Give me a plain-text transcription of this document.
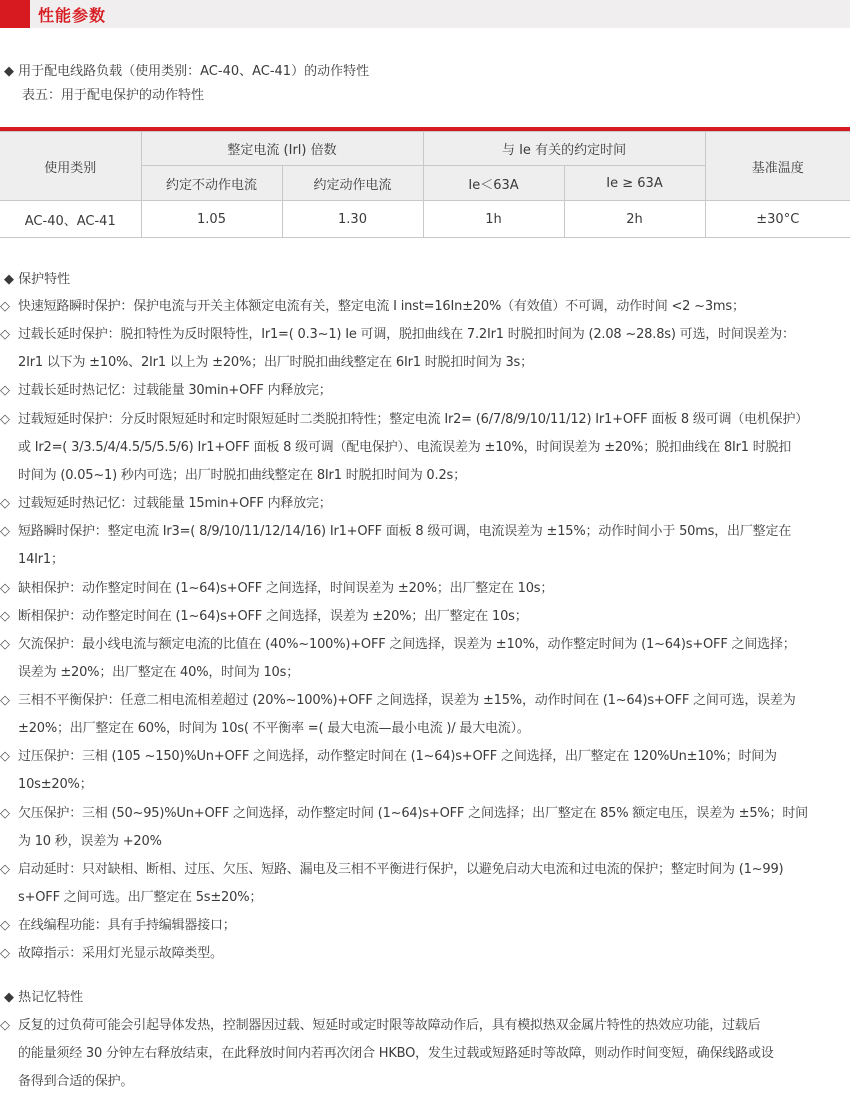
性能参数
◆ 用于配电线路负载（使用类别：AC-40、AC-41）的动作特性
表五：用于配电保护的动作特性
使用类别	整定电流 (Irl) 倍数		与 Ie 有关的约定时间		基准温度
	约定不动作电流	约定动作电流	Ie＜63A	Ie ≥ 63A	
AC-40、AC-41	1.05	1.30	1h	2h	±30°C
◆ 保护特性
◇ 快速短路瞬时保护：保护电流与开关主体额定电流有关，整定电流 I inst=16In±20%（有效值）不可调，动作时间 <2 ~3ms；
◇ 过载长延时保护：脱扣特性为反时限特性，Ir1=( 0.3~1) Ie 可调，脱扣曲线在 7.2Ir1 时脱扣时间为 (2.08 ~28.8s) 可选，时间误差为：
2Ir1 以下为 ±10%、2Ir1 以上为 ±20%；出厂时脱扣曲线整定在 6Ir1 时脱扣时间为 3s；
◇ 过载长延时热记忆：过载能量 30min+OFF 内释放完；
◇ 过载短延时保护：分反时限短延时和定时限短延时二类脱扣特性；整定电流 Ir2= (6/7/8/9/10/11/12) Ir1+OFF 面板 8 级可调（电机保护）
或 Ir2=( 3/3.5/4/4.5/5/5.5/6) Ir1+OFF 面板 8 级可调（配电保护）、电流误差为 ±10%，时间误差为 ±20%；脱扣曲线在 8Ir1 时脱扣
时间为 (0.05~1) 秒内可选；出厂时脱扣曲线整定在 8Ir1 时脱扣时间为 0.2s；
◇ 过载短延时热记忆：过载能量 15min+OFF 内释放完；
◇ 短路瞬时保护：整定电流 Ir3=( 8/9/10/11/12/14/16) Ir1+OFF 面板 8 级可调，电流误差为 ±15%；动作时间小于 50ms，出厂整定在
14Ir1；
◇ 缺相保护：动作整定时间在 (1~64)s+OFF 之间选择，时间误差为 ±20%；出厂整定在 10s；
◇ 断相保护：动作整定时间在 (1~64)s+OFF 之间选择，误差为 ±20%；出厂整定在 10s；
◇ 欠流保护：最小线电流与额定电流的比值在 (40%~100%)+OFF 之间选择，误差为 ±10%，动作整定时间为 (1~64)s+OFF 之间选择；
误差为 ±20%；出厂整定在 40%，时间为 10s；
◇ 三相不平衡保护：任意二相电流相差超过 (20%~100%)+OFF 之间选择，误差为 ±15%，动作时间在 (1~64)s+OFF 之间可选，误差为
±20%；出厂整定在 60%，时间为 10s( 不平衡率 =( 最大电流—最小电流 )/ 最大电流）。
◇ 过压保护：三相 (105 ~150)%Un+OFF 之间选择，动作整定时间在 (1~64)s+OFF 之间选择，出厂整定在 120%Un±10%；时间为
10s±20%；
◇ 欠压保护：三相 (50~95)%Un+OFF 之间选择，动作整定时间 (1~64)s+OFF 之间选择；出厂整定在 85% 额定电压，误差为 ±5%；时间
为 10 秒，误差为 +20%
◇ 启动延时：只对缺相、断相、过压、欠压、短路、漏电及三相不平衡进行保护，以避免启动大电流和过电流的保护；整定时间为 (1~99)
s+OFF 之间可选。出厂整定在 5s±20%；
◇ 在线编程功能：具有手持编辑器接口；
◇ 故障指示：采用灯光显示故障类型。
◆ 热记忆特性
◇ 反复的过负荷可能会引起导体发热，控制器因过载、短延时或定时限等故障动作后，具有模拟热双金属片特性的热效应功能，过载后
的能量须经 30 分钟左右释放结束，在此释放时间内若再次闭合 HKBO，发生过载或短路延时等故障，则动作时间变短，确保线路或设
备得到合适的保护。
